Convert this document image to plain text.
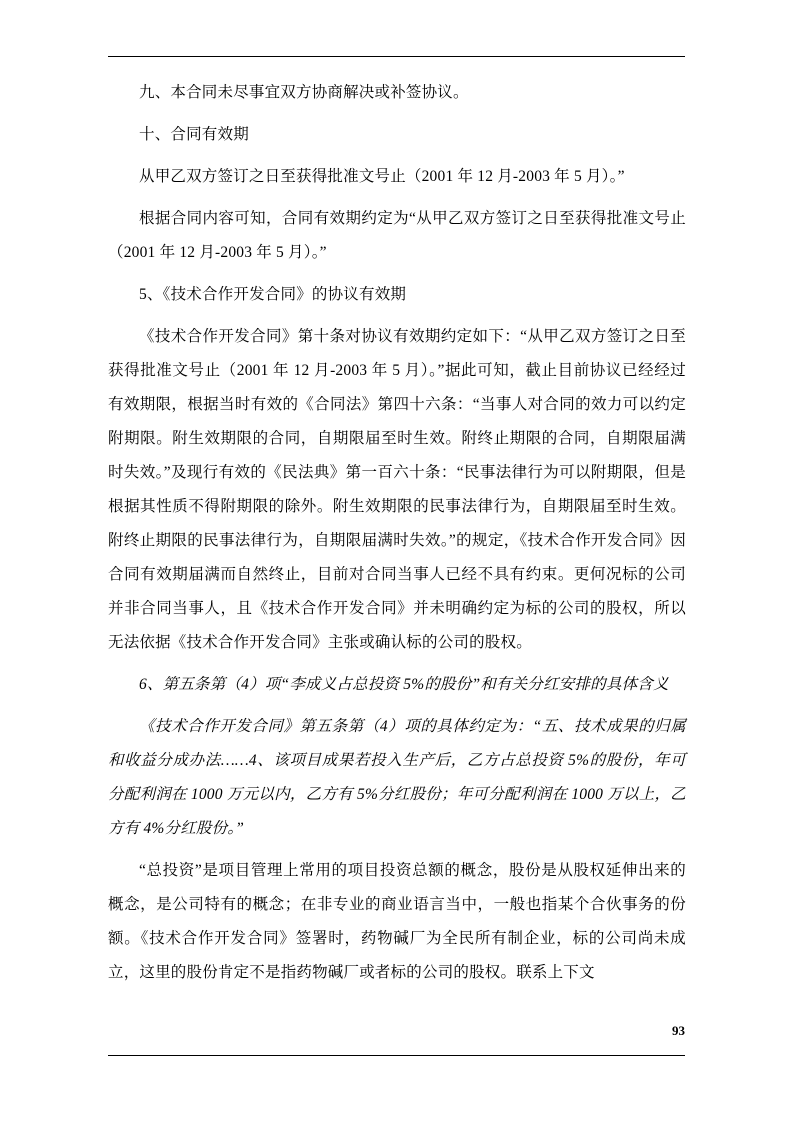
九、本合同未尽事宜双方协商解决或补签协议。

十、合同有效期

从甲乙双方签订之日至获得批准文号止（2001 年 12 月-2003 年 5 月）。”

根据合同内容可知，合同有效期约定为“从甲乙双方签订之日至获得批准文号止（2001 年 12 月-2003 年 5 月）。”

5、《技术合作开发合同》的协议有效期

《技术合作开发合同》第十条对协议有效期约定如下：“从甲乙双方签订之日至获得批准文号止（2001 年 12 月-2003 年 5 月）。”据此可知，截止目前协议已经经过有效期限，根据当时有效的《合同法》第四十六条：“当事人对合同的效力可以约定附期限。附生效期限的合同，自期限届至时生效。附终止期限的合同，自期限届满时失效。”及现行有效的《民法典》第一百六十条：“民事法律行为可以附期限，但是根据其性质不得附期限的除外。附生效期限的民事法律行为，自期限届至时生效。附终止期限的民事法律行为，自期限届满时失效。”的规定，《技术合作开发合同》因合同有效期届满而自然终止，目前对合同当事人已经不具有约束。更何况标的公司并非合同当事人，且《技术合作开发合同》并未明确约定为标的公司的股权，所以无法依据《技术合作开发合同》主张或确认标的公司的股权。

6、第五条第（4）项“李成义占总投资 5%的股份”和有关分红安排的具体含义

《技术合作开发合同》第五条第（4）项的具体约定为：“五、技术成果的归属和收益分成办法……4、该项目成果若投入生产后，乙方占总投资 5%的股份，年可分配利润在 1000 万元以内，乙方有 5%分红股份；年可分配利润在 1000 万以上，乙方有 4%分红股份。”

“总投资”是项目管理上常用的项目投资总额的概念，股份是从股权延伸出来的概念，是公司特有的概念；在非专业的商业语言当中，一般也指某个合伙事务的份额。《技术合作开发合同》签署时，药物碱厂为全民所有制企业，标的公司尚未成立，这里的股份肯定不是指药物碱厂或者标的公司的股权。联系上下文

93
